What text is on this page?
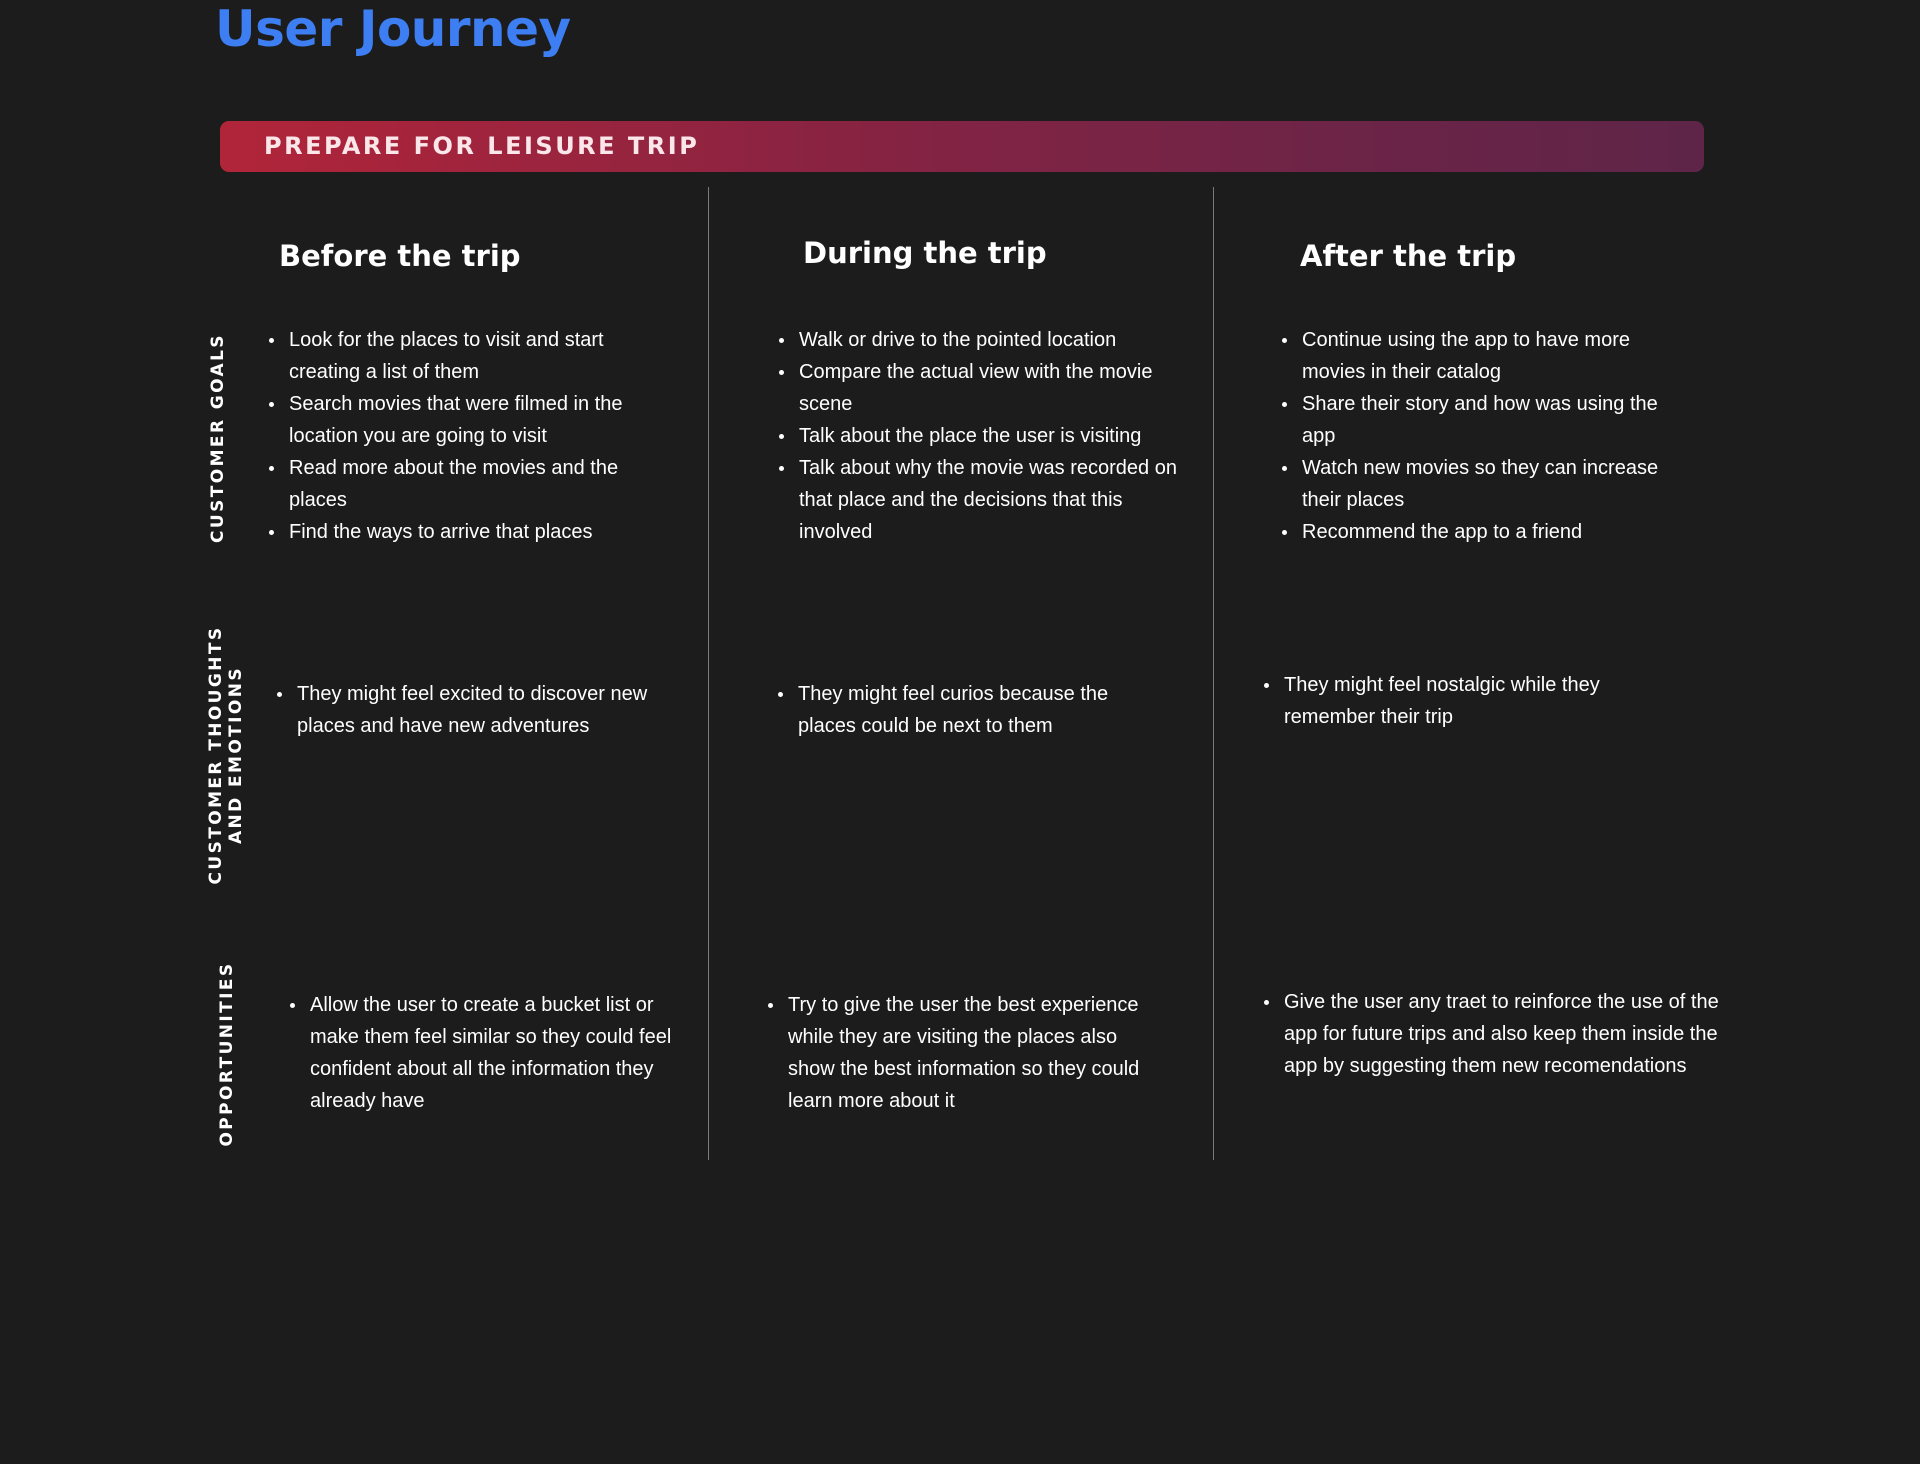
User Journey
PREPARE FOR LEISURE TRIP
Before the trip	During the trip	After the trip
CUSTOMER GOALS
CUSTOMER THOUGHTS AND EMOTIONS
OPPORTUNITIES
Look for the places to visit and start creating a list of them
Search movies that were filmed in the location you are going to visit
Read more about the movies and the places
Find the ways to arrive that places
Walk or drive to the pointed location
Compare the actual view with the movie scene
Talk about the place the user is visiting
Talk about why the movie was recorded on that place and the decisions that this involved
Continue using the app to have more movies in their catalog
Share their story and how was using the app
Watch new movies so they can increase their places
Recommend the app to a friend
They might feel excited to discover new places and have new adventures
They might feel curios because the places could be next to them
They might feel nostalgic while they remember their trip
Allow the user to create a bucket list or make them feel similar so they could feel confident about all the information they already have
Try to give the user the best experience while they are visiting the places also show the best information so they could learn more about it
Give the user any traet to reinforce the use of the app for future trips and also keep them inside the app by suggesting them new recomendations
